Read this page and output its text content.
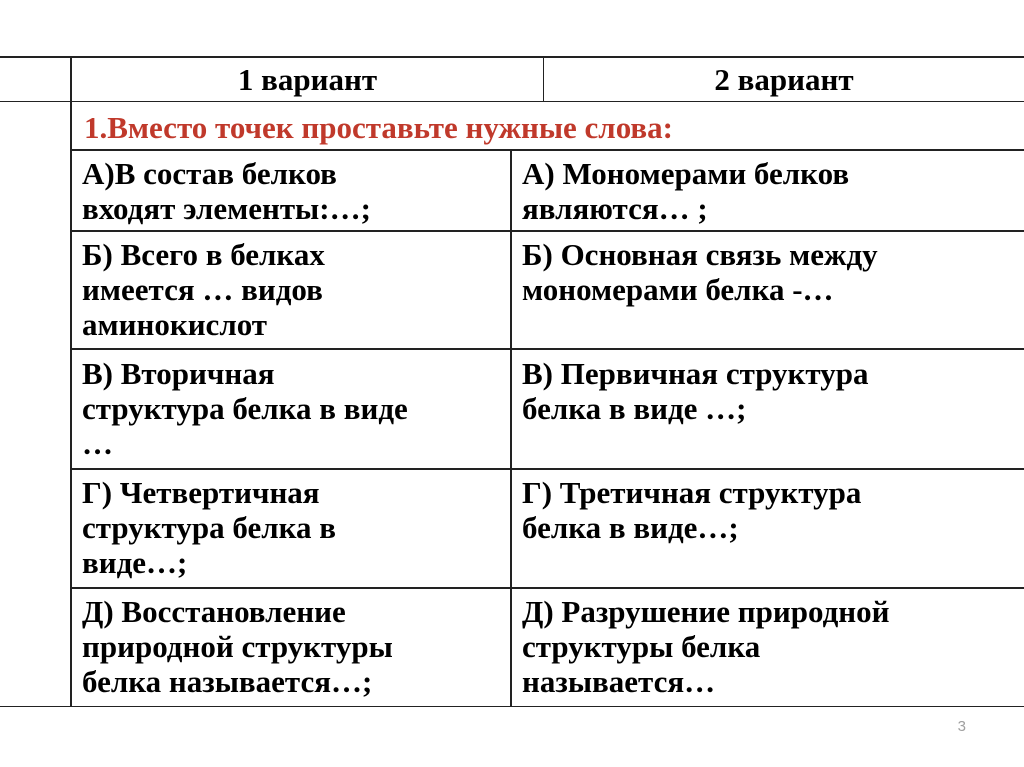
1 вариант	2 вариант
1.Вместо точек проставьте нужные слова:
А)В состав белков
входят элементы:…;
А) Мономерами белков
являются… ;
Б) Всего в белках
имеется … видов
аминокислот
Б) Основная связь между
мономерами белка -…
В) Вторичная
структура белка в виде
…
В) Первичная структура
белка в виде …;
Г) Четвертичная
структура белка в
виде…;
Г) Третичная структура
белка в виде…;
Д) Восстановление
природной структуры
белка называется…;
Д) Разрушение природной
структуры белка
называется…
3
